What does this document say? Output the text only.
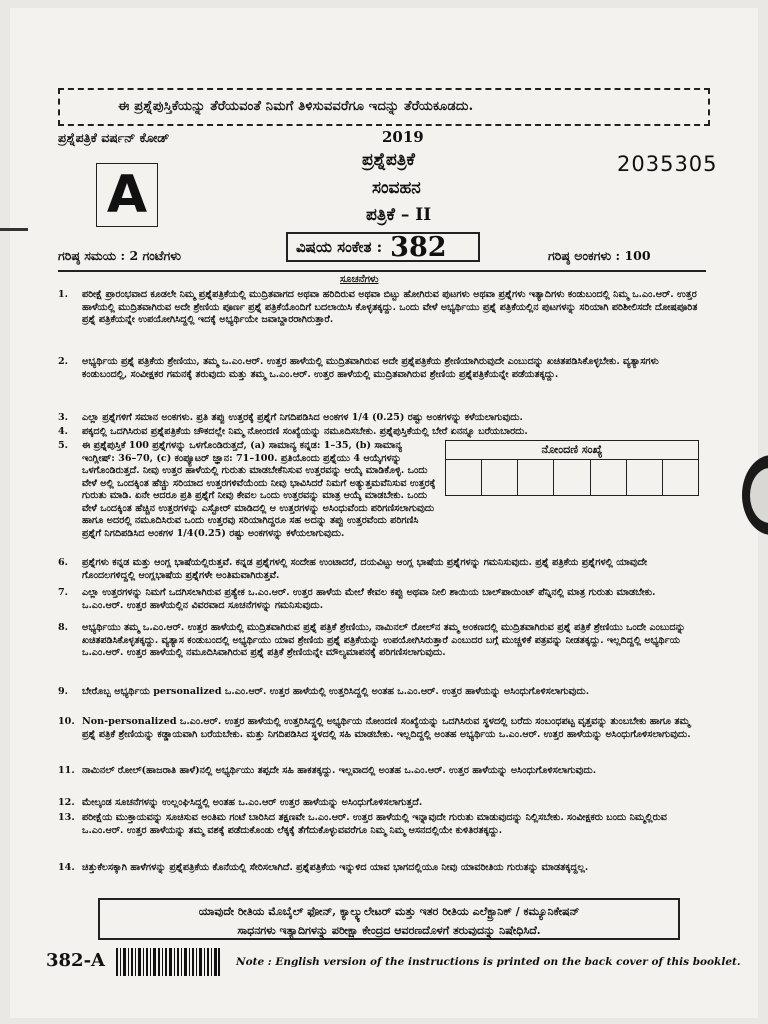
ಈ ಪ್ರಶ್ನೆಪುಸ್ತಿಕೆಯನ್ನು ತೆರೆಯವಂತೆ ನಿಮಗೆ ತಿಳಿಸುವವರೆಗೂ ಇದನ್ನು ತೆರೆಯಕೂಡದು.
ಪ್ರಶ್ನೆಪತ್ರಿಕೆ ವರ್ಷನ್ ಕೋಡ್
A
2019
ಪ್ರಶ್ನೆಪತ್ರಿಕೆ
ಸಂವಹನ
ಪತ್ರಿಕೆ – II
2035305
ಗರಿಷ್ಠ ಸಮಯ : 2 ಗಂಟೆಗಳು	ವಿಷಯ ಸಂಕೇತ : 382	ಗರಿಷ್ಠ ಅಂಕಗಳು : 100
ಸೂಚನೆಗಳು
1.	ಪರೀಕ್ಷೆ ಪ್ರಾರಂಭವಾದ ಕೂಡಲೇ ನಿಮ್ಮ ಪ್ರಶ್ನೆಪತ್ರಿಕೆಯಲ್ಲಿ ಮುದ್ರಿತವಾಗದ ಅಥವಾ ಹರಿದಿರುವ ಅಥವಾ ಬಿಟ್ಟು ಹೋಗಿರುವ ಪುಟಗಳು ಅಥವಾ ಪ್ರಶ್ನೆಗಳು ಇತ್ಯಾದಿಗಳು ಕಂಡುಬಂದಲ್ಲಿ ನಿಮ್ಮ ಒ.ಎಂ.ಆರ್. ಉತ್ತರ ಹಾಳೆಯಲ್ಲಿ ಮುದ್ರಿತವಾಗಿರುವ ಅದೇ ಶ್ರೇಣಿಯ ಪೂರ್ಣ ಪ್ರಶ್ನೆ ಪತ್ರಿಕೆಯೊಂದಿಗೆ ಬದಲಾಯಿಸಿ ಕೊಳ್ಳತಕ್ಕದ್ದು. ಒಂದು ವೇಳೆ ಅಭ್ಯರ್ಥಿಯು ಪ್ರಶ್ನೆ ಪತ್ರಿಕೆಯಲ್ಲಿನ ಪುಟಗಳನ್ನು ಸರಿಯಾಗಿ ಪರಿಶೀಲಿಸದೇ ದೋಷಪೂರಿತ ಪ್ರಶ್ನೆ ಪತ್ರಿಕೆಯನ್ನೇ ಉಪಯೋಗಿಸಿದ್ದಲ್ಲಿ ಇದಕ್ಕೆ ಅಭ್ಯರ್ಥಿಯೇ ಜವಾಬ್ದಾರರಾಗಿರುತ್ತಾರೆ.
2.	ಅಭ್ಯರ್ಥಿಯ ಪ್ರಶ್ನೆ ಪತ್ರಿಕೆಯ ಶ್ರೇಣಿಯು, ತಮ್ಮ ಒ.ಎಂ.ಆರ್. ಉತ್ತರ ಹಾಳೆಯಲ್ಲಿ ಮುದ್ರಿತವಾಗಿರುವ ಅದೇ ಪ್ರಶ್ನೆಪತ್ರಿಕೆಯ ಶ್ರೇಣಿಯಾಗಿರುವುದೇ ಎಂಬುದನ್ನು ಖಚಿತಪಡಿಸಿಕೊಳ್ಳಬೇಕು. ವ್ಯತ್ಯಾಸಗಳು ಕಂಡುಬಂದಲ್ಲಿ, ಸಂವೀಕ್ಷಕರ ಗಮನಕ್ಕೆ ತರುವುದು ಮತ್ತು ತಮ್ಮ ಒ.ಎಂ.ಆರ್. ಉತ್ತರ ಹಾಳೆಯಲ್ಲಿ ಮುದ್ರಿತವಾಗಿರುವ ಶ್ರೇಣಿಯ ಪ್ರಶ್ನೆಪತ್ರಿಕೆಯನ್ನೇ ಪಡೆಯತಕ್ಕದ್ದು.
3.	ಎಲ್ಲಾ ಪ್ರಶ್ನೆಗಳಿಗೆ ಸಮಾನ ಅಂಕಗಳು. ಪ್ರತಿ ತಪ್ಪು ಉತ್ತರಕ್ಕೆ ಪ್ರಶ್ನೆಗೆ ನಿಗದಿಪಡಿಸಿದ ಅಂಕಗಳ 1/4 (0.25) ರಷ್ಟು ಅಂಕಗಳನ್ನು ಕಳೆಯಲಾಗುವುದು.
4.	ಪಕ್ಕದಲ್ಲಿ ಒದಗಿಸಿರುವ ಪ್ರಶ್ನೆಪತ್ರಿಕೆಯ ಚೌಕದಲ್ಲೇ ನಿಮ್ಮ ನೋಂದಣಿ ಸಂಖ್ಯೆಯನ್ನು ನಮೂದಿಸಬೇಕು. ಪ್ರಶ್ನೆಪುಸ್ತಿಕೆಯಲ್ಲಿ ಬೇರೆ ಏನನ್ನೂ ಬರೆಯಬಾರದು.
ನೋಂದಣಿ ಸಂಖ್ಯೆ
5.	ಈ ಪ್ರಶ್ನೆಪುಸ್ತಿಕೆ 100 ಪ್ರಶ್ನೆಗಳನ್ನು ಒಳಗೊಂಡಿರುತ್ತದೆ, (a) ಸಾಮಾನ್ಯ ಕನ್ನಡ: 1–35, (b) ಸಾಮಾನ್ಯ ಇಂಗ್ಲೀಷ್: 36–70, (c) ಕಂಪ್ಯೂಟರ್ ಜ್ಞಾನ: 71–100. ಪ್ರತಿಯೊಂದು ಪ್ರಶ್ನೆಯು 4 ಆಯ್ಕೆಗಳನ್ನು ಒಳಗೊಂಡಿರುತ್ತದೆ. ನೀವು ಉತ್ತರ ಹಾಳೆಯಲ್ಲಿ ಗುರುತು ಮಾಡಬೇಕೆನಿಸುವ ಉತ್ತರವನ್ನು ಆಯ್ಕೆ ಮಾಡಿಕೊಳ್ಳಿ. ಒಂದು ವೇಳೆ ಅಲ್ಲಿ ಒಂದಕ್ಕಿಂತ ಹೆಚ್ಚು ಸರಿಯಾದ ಉತ್ತರಗಳಿವೆಯೆಂದು ನೀವು ಭಾವಿಸಿದರೆ ನಿಮಗೆ ಅತ್ಯುತ್ತಮವೆನಿಸುವ ಉತ್ತರಕ್ಕೆ ಗುರುತು ಮಾಡಿ. ಏನೇ ಆದರೂ ಪ್ರತಿ ಪ್ರಶ್ನೆಗೆ ನೀವು ಕೇವಲ ಒಂದು ಉತ್ತರವನ್ನು ಮಾತ್ರ ಆಯ್ಕೆ ಮಾಡಬೇಕು. ಒಂದು ವೇಳೆ ಒಂದಕ್ಕಿಂತ ಹೆಚ್ಚಿನ ಉತ್ತರಗಳನ್ನು ಎಸ್ಟೋರ್ ಮಾಡಿದಲ್ಲಿ ಆ ಉತ್ತರಗಳನ್ನು ಅಸಿಂಧುವೆಂದು ಪರಿಗಣಿಸಲಾಗುವುದು ಹಾಗೂ ಅದರಲ್ಲಿ ನಮೂದಿಸಿರುವ ಒಂದು ಉತ್ತರವು ಸರಿಯಾಗಿದ್ದರೂ ಸಹ ಅದನ್ನು ತಪ್ಪು ಉತ್ತರವೆಂದು ಪರಿಗಣಿಸಿ ಪ್ರಶ್ನೆಗೆ ನಿಗದಿಪಡಿಸಿದ ಅಂಕಗಳ 1/4(0.25) ರಷ್ಟು ಅಂಕಗಳನ್ನು ಕಳೆಯಲಾಗುವುದು.
6.	ಪ್ರಶ್ನೆಗಳು ಕನ್ನಡ ಮತ್ತು ಆಂಗ್ಲ ಭಾಷೆಯಲ್ಲಿರುತ್ತವೆ. ಕನ್ನಡ ಪ್ರಶ್ನೆಗಳಲ್ಲಿ ಸಂದೇಹ ಉಂಟಾದರೆ, ದಯವಿಟ್ಟು ಆಂಗ್ಲ ಭಾಷೆಯ ಪ್ರಶ್ನೆಗಳನ್ನು ಗಮನಿಸುವುದು. ಪ್ರಶ್ನೆ ಪತ್ರಿಕೆಯ ಪ್ರಶ್ನೆಗಳಲ್ಲಿ ಯಾವುದೇ ಗೊಂದಲಗಳಿದ್ದಲ್ಲಿ ಆಂಗ್ಲಭಾಷೆಯ ಪ್ರಶ್ನೆಗಳೇ ಅಂತಿಮವಾಗಿರುತ್ತವೆ.
7.	ಎಲ್ಲಾ ಉತ್ತರಗಳನ್ನು ನಿಮಗೆ ಒದಗಿಸಲಾಗಿರುವ ಪ್ರತ್ಯೇಕ ಒ.ಎಂ.ಆರ್. ಉತ್ತರ ಹಾಳೆಯ ಮೇಲೆ ಕೇವಲ ಕಪ್ಪು ಅಥವಾ ನೀಲಿ ಶಾಯಿಯ ಬಾಲ್‌ಪಾಯಿಂಟ್ ಪೆನ್ನಿನಲ್ಲಿ ಮಾತ್ರ ಗುರುತು ಮಾಡಬೇಕು. ಒ.ಎಂ.ಆರ್. ಉತ್ತರ ಹಾಳೆಯಲ್ಲಿನ ವಿವರವಾದ ಸೂಚನೆಗಳನ್ನು ಗಮನಿಸುವುದು.
8.	ಅಭ್ಯರ್ಥಿಯು ತಮ್ಮ ಒ.ಎಂ.ಆರ್. ಉತ್ತರ ಹಾಳೆಯಲ್ಲಿ ಮುದ್ರಿತವಾಗಿರುವ ಪ್ರಶ್ನೆ ಪತ್ರಿಕೆ ಶ್ರೇಣಿಯು, ನಾಮಿನಲ್ ರೋಲ್‌ನ ತಮ್ಮ ಅಂಕಣದಲ್ಲಿ ಮುದ್ರಿತವಾಗಿರುವ ಪ್ರಶ್ನೆ ಪತ್ರಿಕೆ ಶ್ರೇಣಿಯು ಒಂದೇ ಎಂಬುದನ್ನು ಖಚಿತಪಡಿಸಿಕೊಳ್ಳತಕ್ಕದ್ದು. ವ್ಯತ್ಯಾಸ ಕಂಡುಬಂದಲ್ಲಿ ಅಭ್ಯರ್ಥಿಯು ಯಾವ ಶ್ರೇಣಿಯ ಪ್ರಶ್ನೆ ಪತ್ರಿಕೆಯನ್ನು ಉಪಯೋಗಿಸಿರುತ್ತಾರೆ ಎಂಬುದರ ಬಗ್ಗೆ ಮುಚ್ಚಳಿಕೆ ಪತ್ರವನ್ನು ನೀಡತಕ್ಕದ್ದು. ಇಲ್ಲದಿದ್ದಲ್ಲಿ ಅಭ್ಯರ್ಥಿಯ ಒ.ಎಂ.ಆರ್. ಉತ್ತರ ಹಾಳೆಯಲ್ಲಿ ನಮೂದಿಸಿವಾಗಿರುವ ಪ್ರಶ್ನೆ ಪತ್ರಿಕೆ ಶ್ರೇಣಿಯನ್ನೇ ಮೌಲ್ಯಮಾಪನಕ್ಕೆ ಪರಿಗಣಿಸಲಾಗುವುದು.
9.	ಬೇರೊಬ್ಬ ಅಭ್ಯರ್ಥಿಯ personalized ಒ.ಎಂ.ಆರ್. ಉತ್ತರ ಹಾಳೆಯಲ್ಲಿ ಉತ್ತರಿಸಿದ್ದಲ್ಲಿ ಅಂತಹ ಒ.ಎಂ.ಆರ್. ಉತ್ತರ ಹಾಳೆಯನ್ನು ಅಸಿಂಧುಗೊಳಿಸಲಾಗುವುದು.
10. Non-personalized ಒ.ಎಂ.ಆರ್. ಉತ್ತರ ಹಾಳೆಯಲ್ಲಿ ಉತ್ತರಿಸಿದ್ದಲ್ಲಿ ಅಭ್ಯರ್ಥಿಯ ನೋಂದಣಿ ಸಂಖ್ಯೆಯನ್ನು ಒದಗಿಸಿರುವ ಸ್ಥಳದಲ್ಲಿ ಬರೆದು ಸಂಬಂಧಪಟ್ಟ ವೃತ್ತವನ್ನು ತುಂಬಬೇಕು ಹಾಗೂ ತಮ್ಮ ಪ್ರಶ್ನೆ ಪತ್ರಿಕೆ ಶ್ರೇಣಿಯನ್ನು ಕಡ್ಡಾಯವಾಗಿ ಬರೆಯಬೇಕು. ಮತ್ತು ನಿಗದಿಪಡಿಸಿದ ಸ್ಥಳದಲ್ಲಿ ಸಹಿ ಮಾಡಬೇಕು. ಇಲ್ಲದಿದ್ದಲ್ಲಿ ಅಂತಹ ಅಭ್ಯರ್ಥಿಯ ಒ.ಎಂ.ಆರ್. ಉತ್ತರ ಹಾಳೆಯನ್ನು ಅಸಿಂಧುಗೊಳಿಸಲಾಗುವುದು.
11. ನಾಮಿನಲ್ ರೋಲ್(ಹಾಜರಾತಿ ಹಾಳೆ)ನಲ್ಲಿ ಅಭ್ಯರ್ಥಿಯು ತಪ್ಪದೇ ಸಹಿ ಹಾಕತಕ್ಕದ್ದು. ಇಲ್ಲವಾದಲ್ಲಿ ಅಂತಹ ಒ.ಎಂ.ಆರ್. ಉತ್ತರ ಹಾಳೆಯನ್ನು ಅಸಿಂಧುಗೊಳಿಸಲಾಗುವುದು.
12. ಮೇಲ್ಕಂಡ ಸೂಚನೆಗಳನ್ನು ಉಲ್ಲಂಘಿಸಿದ್ದಲ್ಲಿ ಅಂತಹ ಒ.ಎಂ.ಆರ್ ಉತ್ತರ ಹಾಳೆಯನ್ನು ಅಸಿಂಧುಗೊಳಿಸಲಾಗುತ್ತದೆ.
13. ಪರೀಕ್ಷೆಯ ಮುಕ್ತಾಯವನ್ನು ಸೂಚಿಸುವ ಅಂತಿಮ ಗಂಟೆ ಬಾರಿಸಿದ ತಕ್ಷಣವೇ ಒ.ಎಂ.ಆರ್. ಉತ್ತರ ಹಾಳೆಯಲ್ಲಿ ಇನ್ನಾವುದೇ ಗುರುತು ಮಾಡುವುದನ್ನು ನಿಲ್ಲಿಸಬೇಕು. ಸಂವೀಕ್ಷಕರು ಬಂದು ನಿಮ್ಮಲ್ಲಿರುವ ಒ.ಎಂ.ಆರ್. ಉತ್ತರ ಹಾಳೆಯನ್ನು ತಮ್ಮ ವಶಕ್ಕೆ ಪಡೆದುಕೊಂಡು ಲೆಕ್ಕಕ್ಕೆ ತೆಗೆದುಕೊಳ್ಳುವವರೆಗೂ ನಿಮ್ಮ ನಿಮ್ಮ ಆಸನದಲ್ಲಿಯೇ ಕುಳಿತಿರತಕ್ಕದ್ದು.
14. ಚಿತ್ತುಕೆಲಸಕ್ಕಾಗಿ ಹಾಳೆಗಳನ್ನು ಪ್ರಶ್ನೆಪತ್ರಿಕೆಯ ಕೊನೆಯಲ್ಲಿ ಸೇರಿಸಲಾಗಿದೆ. ಪ್ರಶ್ನೆಪತ್ರಿಕೆಯ ಇನ್ನುಳಿದ ಯಾವ ಭಾಗದಲ್ಲಿಯೂ ನೀವು ಯಾವರೀತಿಯ ಗುರುತನ್ನು ಮಾಡತಕ್ಕದ್ದಲ್ಲ.
ಯಾವುದೇ ರೀತಿಯ ಮೊಬೈಲ್ ಫೋನ್, ಕ್ಯಾಲ್ಕ್ಯುಲೇಟರ್ ಮತ್ತು ಇತರ ರೀತಿಯ ಎಲೆಕ್ಟ್ರಾನಿಕ್ / ಕಮ್ಯೂನಿಕೇಷನ್
ಸಾಧನಗಳು ಇತ್ಯಾದಿಗಳನ್ನು ಪರೀಕ್ಷಾ ಕೇಂದ್ರದ ಆವರಣದೊಳಗೆ ತರುವುದನ್ನು ನಿಷೇಧಿಸಿದೆ.
382-A	Note : English version of the instructions is printed on the back cover of this booklet.
